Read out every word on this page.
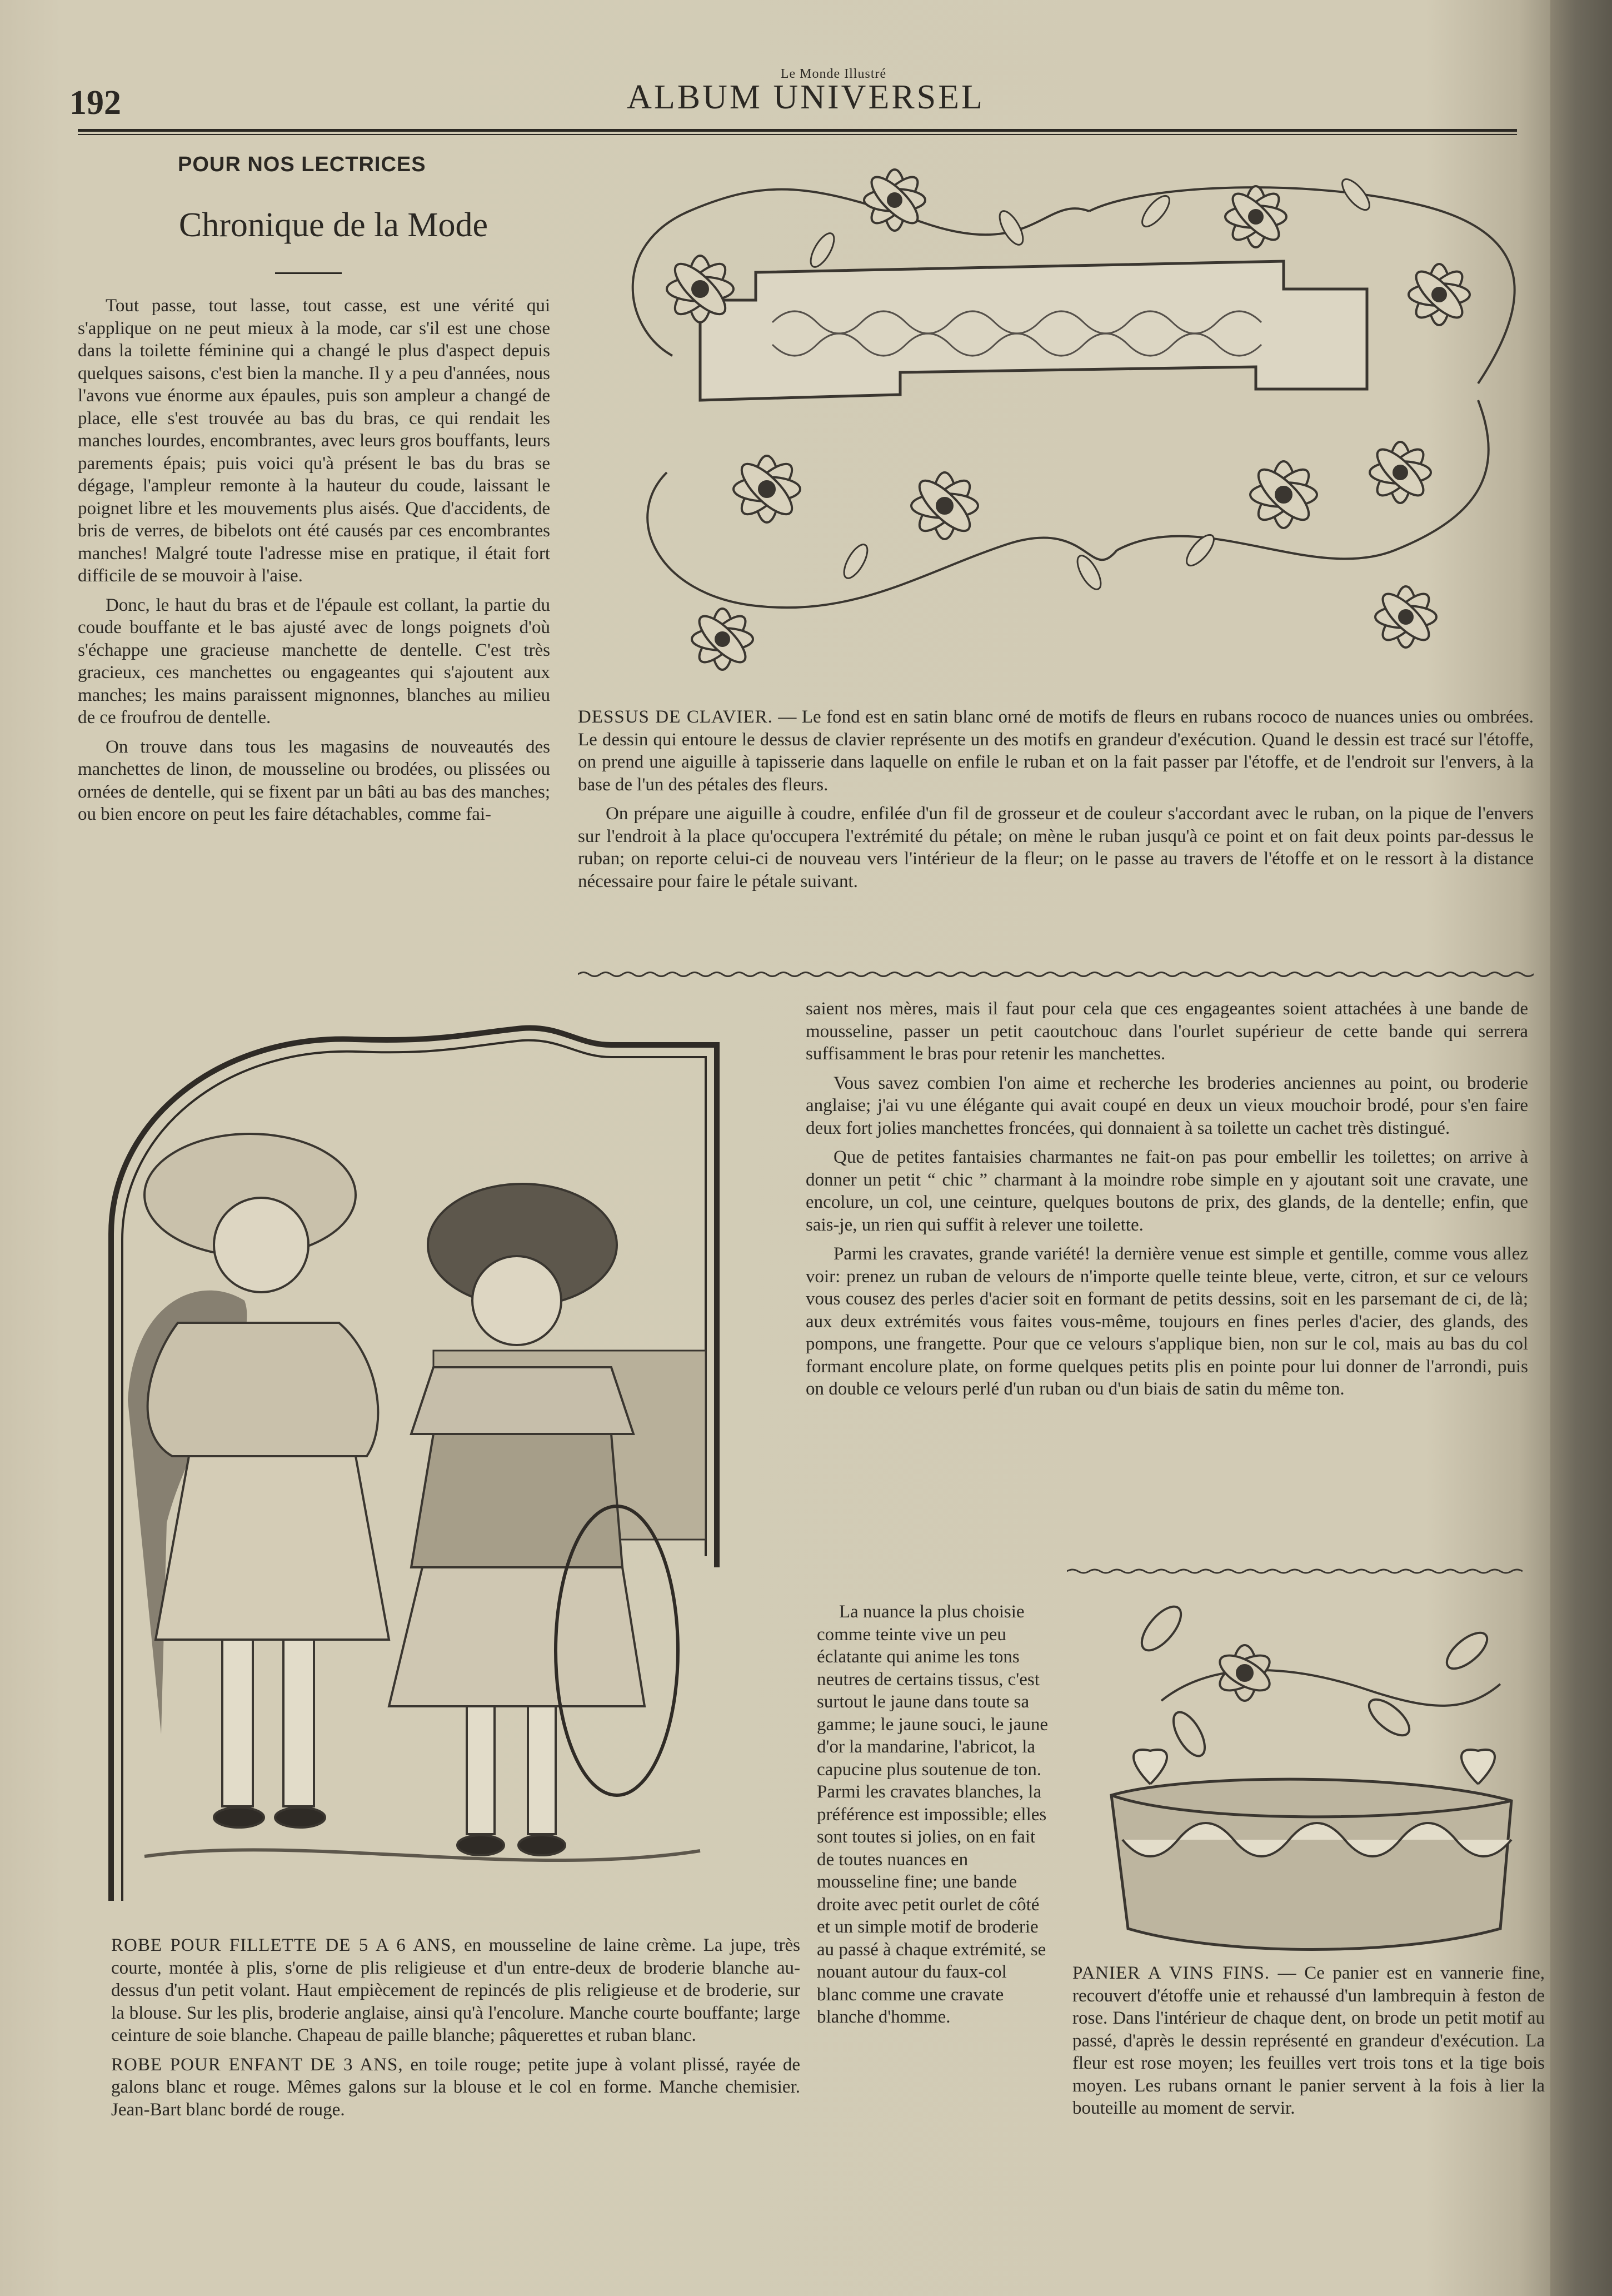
Le Monde Illustré
192	ALBUM UNIVERSEL
POUR NOS LECTRICES
Chronique de la Mode

Tout passe, tout lasse, tout casse, est une vérité qui s'applique on ne peut mieux à la mode, car s'il est une chose dans la toilette féminine qui a changé le plus d'aspect depuis quelques saisons, c'est bien la manche. Il y a peu d'années, nous l'avons vue énorme aux épaules, puis son ampleur a changé de place, elle s'est trouvée au bas du bras, ce qui rendait les manches lourdes, encombrantes, avec leurs gros bouffants, leurs parements épais; puis voici qu'à présent le bas du bras se dégage, l'ampleur remonte à la hauteur du coude, laissant le poignet libre et les mouvements plus aisés. Que d'accidents, de bris de verres, de bibelots ont été causés par ces encombrantes manches! Malgré toute l'adresse mise en pratique, il était fort difficile de se mouvoir à l'aise.

Donc, le haut du bras et de l'épaule est collant, la partie du coude bouffante et le bas ajusté avec de longs poignets d'où s'échappe une gracieuse manchette de dentelle. C'est très gracieux, ces manchettes ou engageantes qui s'ajoutent aux manches; les mains paraissent mignonnes, blanches au milieu de ce froufrou de dentelle.

On trouve dans tous les magasins de nouveautés des manchettes de linon, de mousseline ou brodées, ou plissées ou ornées de dentelle, qui se fixent par un bâti au bas des manches; ou bien encore on peut les faire détachables, comme fai-

DESSUS DE CLAVIER. — Le fond est en satin blanc orné de motifs de fleurs en rubans rococo de nuances unies ou ombrées. Le dessin qui entoure le dessus de clavier représente un des motifs en grandeur d'exécution. Quand le dessin est tracé sur l'étoffe, on prend une aiguille à tapisserie dans laquelle on enfile le ruban et on la fait passer par l'étoffe, et de l'endroit sur l'envers, à la base de l'un des pétales des fleurs.

On prépare une aiguille à coudre, enfilée d'un fil de grosseur et de couleur s'accordant avec le ruban, on la pique de l'envers sur l'endroit à la place qu'occupera l'extrémité du pétale; on mène le ruban jusqu'à ce point et on fait deux points par-dessus le ruban; on reporte celui-ci de nouveau vers l'intérieur de la fleur; on le passe au travers de l'étoffe et on le ressort à la distance nécessaire pour faire le pétale suivant.

ROBE POUR FILLETTE DE 5 A 6 ANS, en mousseline de laine crème. La jupe, très courte, montée à plis, s'orne de plis religieuse et d'un entre-deux de broderie blanche au-dessus d'un petit volant. Haut empiècement de repincés de plis religieuse et de broderie, sur la blouse. Sur les plis, broderie anglaise, ainsi qu'à l'encolure. Manche courte bouffante; large ceinture de soie blanche. Chapeau de paille blanche; pâquerettes et ruban blanc.

ROBE POUR ENFANT DE 3 ANS, en toile rouge; petite jupe à volant plissé, rayée de galons blanc et rouge. Mêmes galons sur la blouse et le col en forme. Manche chemisier. Jean-Bart blanc bordé de rouge.

saient nos mères, mais il faut pour cela que ces engageantes soient attachées à une bande de mousseline, passer un petit caoutchouc dans l'ourlet supérieur de cette bande qui serrera suffisamment le bras pour retenir les manchettes.

Vous savez combien l'on aime et recherche les broderies anciennes au point, ou broderie anglaise; j'ai vu une élégante qui avait coupé en deux un vieux mouchoir brodé, pour s'en faire deux fort jolies manchettes froncées, qui donnaient à sa toilette un cachet très distingué.

Que de petites fantaisies charmantes ne fait-on pas pour embellir les toilettes; on arrive à donner un petit “ chic ” charmant à la moindre robe simple en y ajoutant soit une cravate, une encolure, un col, une ceinture, quelques boutons de prix, des glands, de la dentelle; enfin, que sais-je, un rien qui suffit à relever une toilette.

Parmi les cravates, grande variété! la dernière venue est simple et gentille, comme vous allez voir: prenez un ruban de velours de n'importe quelle teinte bleue, verte, citron, et sur ce velours vous cousez des perles d'acier soit en formant de petits dessins, soit en les parsemant de ci, de là; aux deux extrémités vous faites vous-même, toujours en fines perles d'acier, des glands, des pompons, une frangette. Pour que ce velours s'applique bien, non sur le col, mais au bas du col formant encolure plate, on forme quelques petits plis en pointe pour lui donner de l'arrondi, puis on double ce velours perlé d'un ruban ou d'un biais de satin du même ton.

La nuance la plus choisie comme teinte vive un peu éclatante qui anime les tons neutres de certains tissus, c'est surtout le jaune dans toute sa gamme; le jaune souci, le jaune d'or la mandarine, l'abricot, la capucine plus soutenue de ton. Parmi les cravates blanches, la préférence est impossible; elles sont toutes si jolies, on en fait de toutes nuances en mousseline fine; une bande droite avec petit ourlet de côté et un simple motif de broderie au passé à chaque extrémité, se nouant autour du faux-col blanc comme une cravate blanche d'homme.

PANIER A VINS FINS. — Ce panier est en vannerie fine, recouvert d'étoffe unie et rehaussé d'un lambrequin à feston de rose. Dans l'intérieur de chaque dent, on brode un petit motif au passé, d'après le dessin représenté en grandeur d'exécution. La fleur est rose moyen; les feuilles vert trois tons et la tige bois moyen. Les rubans ornant le panier servent à la fois à lier la bouteille au moment de servir.
